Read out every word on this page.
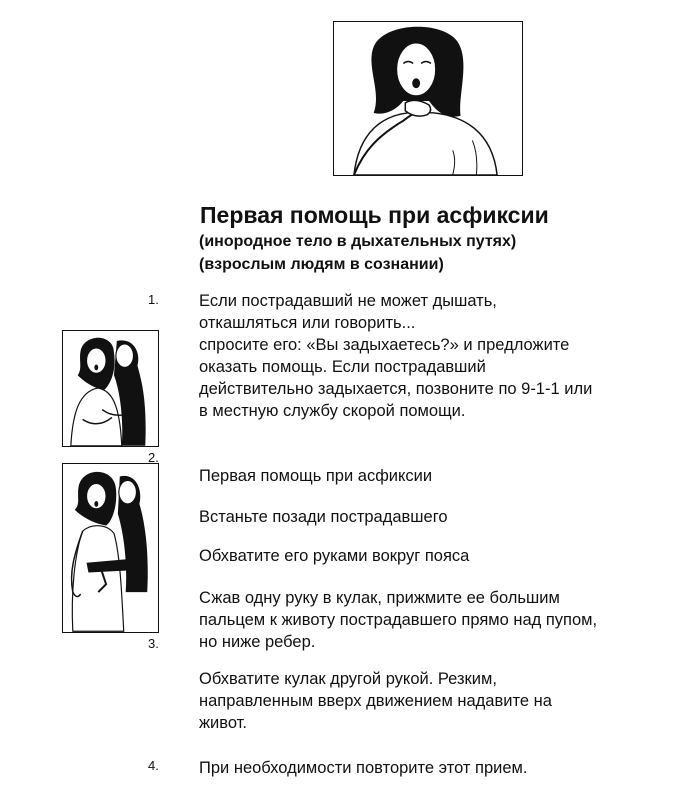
Первая помощь при асфиксии
(инородное тело в дыхательных путях)
(взрослым людям в сознании)
1. Если пострадавший не может дышать,
откашляться или говорить...
спросите его: «Вы задыхаетесь?» и предложите
оказать помощь. Если пострадавший
действительно задыхается, позвоните по 9-1-1 или
в местную службу скорой помощи.
2.
Первая помощь при асфиксии
Встаньте позади пострадавшего
Обхватите его руками вокруг пояса
Сжав одну руку в кулак, прижмите ее большим
пальцем к животу пострадавшего прямо над пупом,
но ниже ребер.
3.
Обхватите кулак другой рукой. Резким,
направленным вверх движением надавите на
живот.
4. При необходимости повторите этот прием.
